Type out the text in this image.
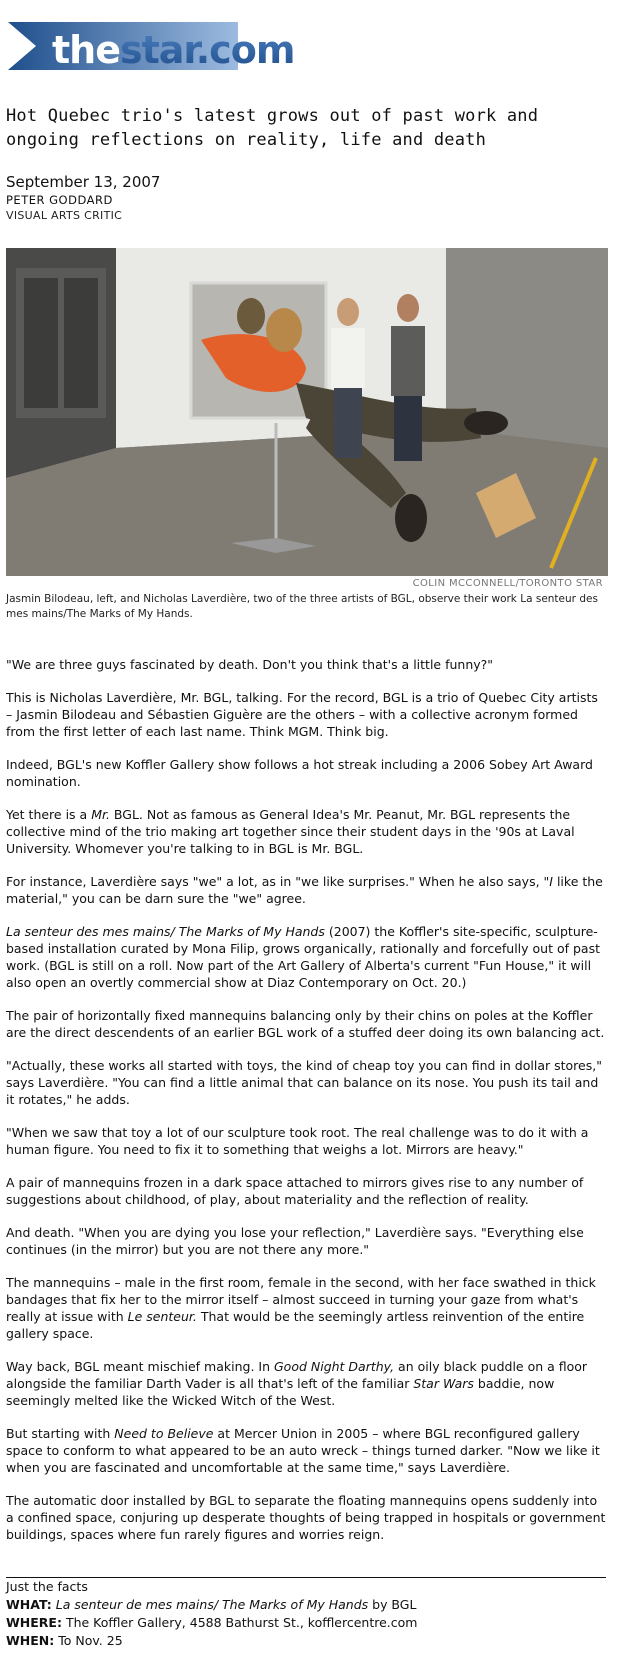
thestar.com
Hot Quebec trio's latest grows out of past work and
ongoing reflections on reality, life and death
September 13, 2007
PETER GODDARD
VISUAL ARTS CRITIC
COLIN MCCONNELL/TORONTO STAR
Jasmin Bilodeau, left, and Nicholas Laverdière, two of the three artists of BGL, observe their work La senteur des mes mains/The Marks of My Hands.

"We are three guys fascinated by death. Don't you think that's a little funny?"

This is Nicholas Laverdière, Mr. BGL, talking. For the record, BGL is a trio of Quebec City artists – Jasmin Bilodeau and Sébastien Giguère are the others – with a collective acronym formed from the first letter of each last name. Think MGM. Think big.

Indeed, BGL's new Koffler Gallery show follows a hot streak including a 2006 Sobey Art Award nomination.

Yet there is a Mr. BGL. Not as famous as General Idea's Mr. Peanut, Mr. BGL represents the collective mind of the trio making art together since their student days in the '90s at Laval University. Whomever you're talking to in BGL is Mr. BGL.

For instance, Laverdière says "we" a lot, as in "we like surprises." When he also says, "I like the material," you can be darn sure the "we" agree.

La senteur des mes mains/ The Marks of My Hands (2007) the Koffler's site-specific, sculpture-based installation curated by Mona Filip, grows organically, rationally and forcefully out of past work. (BGL is still on a roll. Now part of the Art Gallery of Alberta's current "Fun House," it will also open an overtly commercial show at Diaz Contemporary on Oct. 20.)

The pair of horizontally fixed mannequins balancing only by their chins on poles at the Koffler are the direct descendents of an earlier BGL work of a stuffed deer doing its own balancing act.

"Actually, these works all started with toys, the kind of cheap toy you can find in dollar stores," says Laverdière. "You can find a little animal that can balance on its nose. You push its tail and it rotates," he adds.

"When we saw that toy a lot of our sculpture took root. The real challenge was to do it with a human figure. You need to fix it to something that weighs a lot. Mirrors are heavy."

A pair of mannequins frozen in a dark space attached to mirrors gives rise to any number of suggestions about childhood, of play, about materiality and the reflection of reality.

And death. "When you are dying you lose your reflection," Laverdière says. "Everything else continues (in the mirror) but you are not there any more."

The mannequins – male in the first room, female in the second, with her face swathed in thick bandages that fix her to the mirror itself – almost succeed in turning your gaze from what's really at issue with Le senteur. That would be the seemingly artless reinvention of the entire gallery space.

Way back, BGL meant mischief making. In Good Night Darthy, an oily black puddle on a floor alongside the familiar Darth Vader is all that's left of the familiar Star Wars baddie, now seemingly melted like the Wicked Witch of the West.

But starting with Need to Believe at Mercer Union in 2005 – where BGL reconfigured gallery space to conform to what appeared to be an auto wreck – things turned darker. "Now we like it when you are fascinated and uncomfortable at the same time," says Laverdière.

The automatic door installed by BGL to separate the floating mannequins opens suddenly into a confined space, conjuring up desperate thoughts of being trapped in hospitals or government buildings, spaces where fun rarely figures and worries reign.

Just the facts
WHAT: La senteur de mes mains/ The Marks of My Hands by BGL
WHERE: The Koffler Gallery, 4588 Bathurst St., kofflercentre.com
WHEN: To Nov. 25
